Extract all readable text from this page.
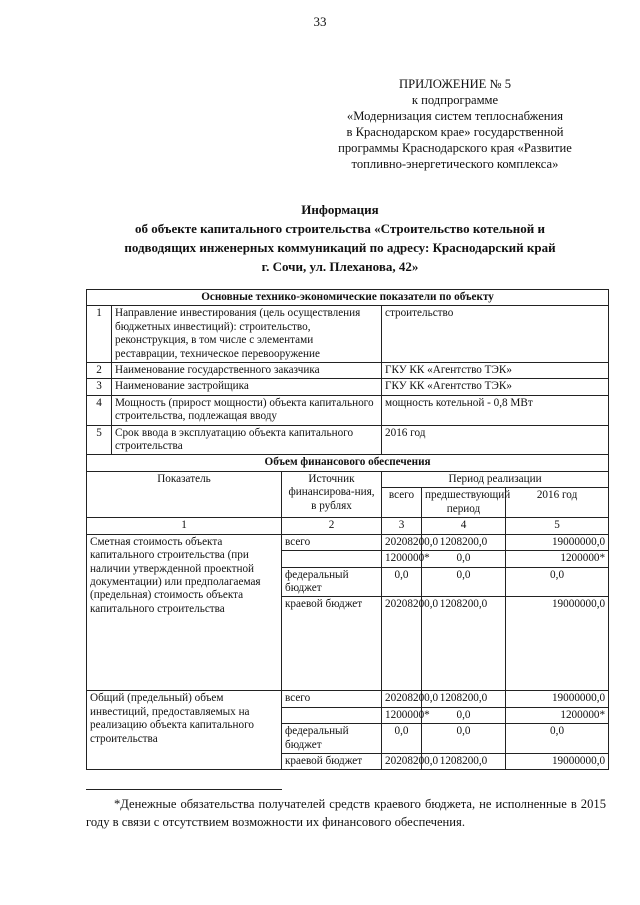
33
ПРИЛОЖЕНИЕ № 5
к подпрограмме
«Модернизация систем теплоснабжения
в Краснодарском крае» государственной
программы Краснодарского края «Развитие
топливно-энергетического комплекса»
Информация
об объекте капитального строительства «Строительство котельной и
подводящих инженерных коммуникаций по адресу: Краснодарский край
г. Сочи, ул. Плеханова, 42»
Основные технико-экономические показатели по объекту					
1	Направление инвестирования (цель осуществления бюджетных инвестиций): строительство, реконструкция, в том числе с элементами реставрации, техническое перевооружение		строительство		
2	Наименование государственного заказчика		ГКУ КК «Агентство ТЭК»		
3	Наименование застройщика		ГКУ КК «Агентство ТЭК»		
4	Мощность (прирост мощности) объекта капитального строительства, подлежащая вводу		мощность котельной - 0,8 МВт		
5	Срок ввода в эксплуатацию объекта капитального строительства		2016 год		
Объем финансового обеспечения					
Показатель		Источник финансирова-ния, в рублях	Период реализации		
			всего	предшествующий период	2016 год
1		2	3	4	5
Сметная стоимость объекта капитального строительства (при наличии утвержденной проектной документации) или предполагаемая (предельная) стоимость объекта капитального строительства		всего	20208200,0	1208200,0	19000000,0
			1200000*	0,0	1200000*
		федеральный бюджет	0,0	0,0	0,0
		краевой бюджет	20208200,0	1208200,0	19000000,0
Общий (предельный) объем инвестиций, предоставляемых на реализацию объекта капитального строительства		всего	20208200,0	1208200,0	19000000,0
			1200000*	0,0	1200000*
		федеральный бюджет	0,0	0,0	0,0
		краевой бюджет	20208200,0	1208200,0	19000000,0
*Денежные обязательства получателей средств краевого бюджета, не исполненные в 2015 году в связи с отсутствием возможности их финансового обеспечения.
